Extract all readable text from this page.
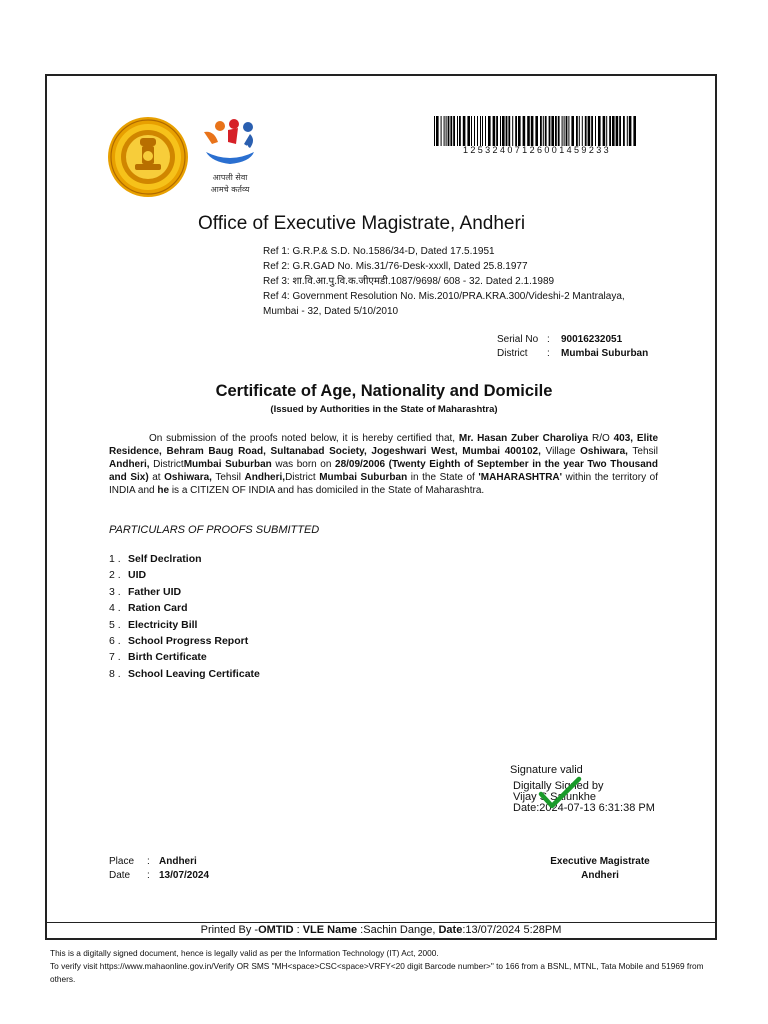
आपली सेवा
आमचे कर्तव्य
12532407126001459233
Office of Executive Magistrate, Andheri
Ref 1: G.R.P.& S.D. No.1586/34-D, Dated 17.5.1951
Ref 2: G.R.GAD No. Mis.31/76-Desk-xxxll, Dated 25.8.1977
Ref 3: शा.वि.आ.पु.वि.क.जीएमडी.1087/9698/ 608 - 32. Dated 2.1.1989
Ref 4: Government Resolution No. Mis.2010/PRA.KRA.300/Videshi-2 Mantralaya,
Mumbai - 32, Dated 5/10/2010
Serial No : 90016232051
District : Mumbai Suburban
Certificate of Age, Nationality and Domicile
(Issued by Authorities in the State of Maharashtra)
On submission of the proofs noted below, it is hereby certified that, Mr. Hasan Zuber Charoliya R/O 403, Elite Residence, Behram Baug Road, Sultanabad Society, Jogeshwari West, Mumbai 400102, Village Oshiwara, Tehsil Andheri, DistrictMumbai Suburban was born on 28/09/2006 (Twenty Eighth of September in the year Two Thousand and Six) at Oshiwara, Tehsil Andheri,District Mumbai Suburban in the State of 'MAHARASHTRA' within the territory of INDIA and he is a CITIZEN OF INDIA and has domiciled in the State of Maharashtra.
PARTICULARS OF PROOFS SUBMITTED
1 . Self Declration
2 . UID
3 . Father UID
4 . Ration Card
5 . Electricity Bill
6 . School Progress Report
7 . Birth Certificate
8 . School Leaving Certificate
Signature valid
Digitally Signed by
Vijay S Salunkhe
Date:2024-07-13 6:31:38 PM
Place : Andheri
Date : 13/07/2024
Executive Magistrate
Andheri
Printed By -OMTID : VLE Name :Sachin Dange, Date:13/07/2024 5:28PM
This is a digitally signed document, hence is legally valid as per the Information Technology (IT) Act, 2000.
To verify visit https://www.mahaonline.gov.in/Verify OR SMS "MH<space>CSC<space>VRFY<20 digit Barcode number>" to 166 from a BSNL, MTNL, Tata Mobile and 51969 from others.
